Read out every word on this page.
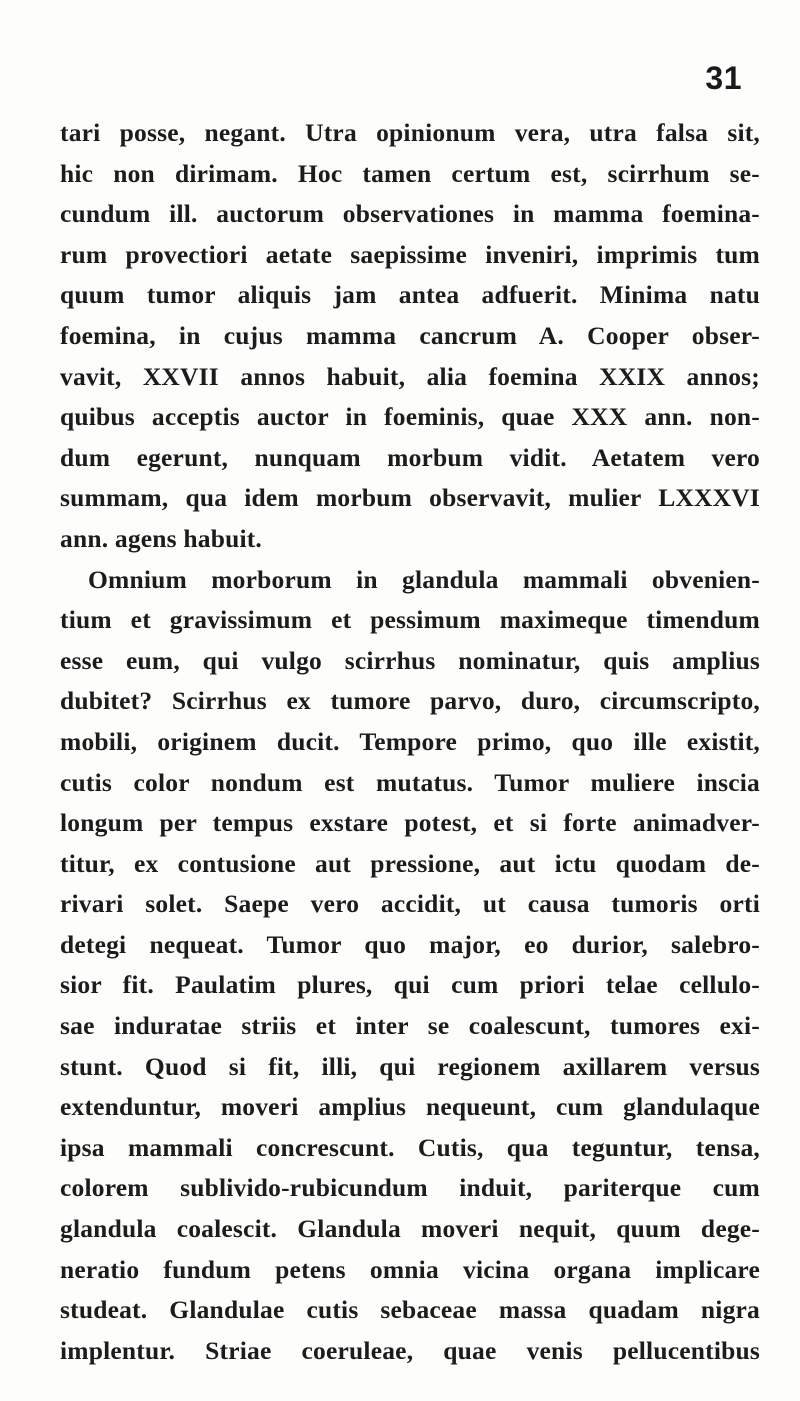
31
tari posse, negant. Utra opinionum vera, utra falsa sit,
hic non dirimam. Hoc tamen certum est, scirrhum se-
cundum ill. auctorum observationes in mamma foemina-
rum provectiori aetate saepissime inveniri, imprimis tum
quum tumor aliquis jam antea adfuerit. Minima natu
foemina, in cujus mamma cancrum A. Cooper obser-
vavit, XXVII annos habuit, alia foemina XXIX annos;
quibus acceptis auctor in foeminis, quae XXX ann. non-
dum egerunt, nunquam morbum vidit. Aetatem vero
summam, qua idem morbum observavit, mulier LXXXVI
ann. agens habuit.
Omnium morborum in glandula mammali obvenien-
tium et gravissimum et pessimum maximeque timendum
esse eum, qui vulgo scirrhus nominatur, quis amplius
dubitet? Scirrhus ex tumore parvo, duro, circumscripto,
mobili, originem ducit. Tempore primo, quo ille existit,
cutis color nondum est mutatus. Tumor muliere inscia
longum per tempus exstare potest, et si forte animadver-
titur, ex contusione aut pressione, aut ictu quodam de-
rivari solet. Saepe vero accidit, ut causa tumoris orti
detegi nequeat. Tumor quo major, eo durior, salebro-
sior fit. Paulatim plures, qui cum priori telae cellulo-
sae induratae striis et inter se coalescunt, tumores exi-
stunt. Quod si fit, illi, qui regionem axillarem versus
extenduntur, moveri amplius nequeunt, cum glandulaque
ipsa mammali concrescunt. Cutis, qua teguntur, tensa,
colorem sublivido-rubicundum induit, pariterque cum
glandula coalescit. Glandula moveri nequit, quum dege-
neratio fundum petens omnia vicina organa implicare
studeat. Glandulae cutis sebaceae massa quadam nigra
implentur. Striae coeruleae, quae venis pellucentibus
